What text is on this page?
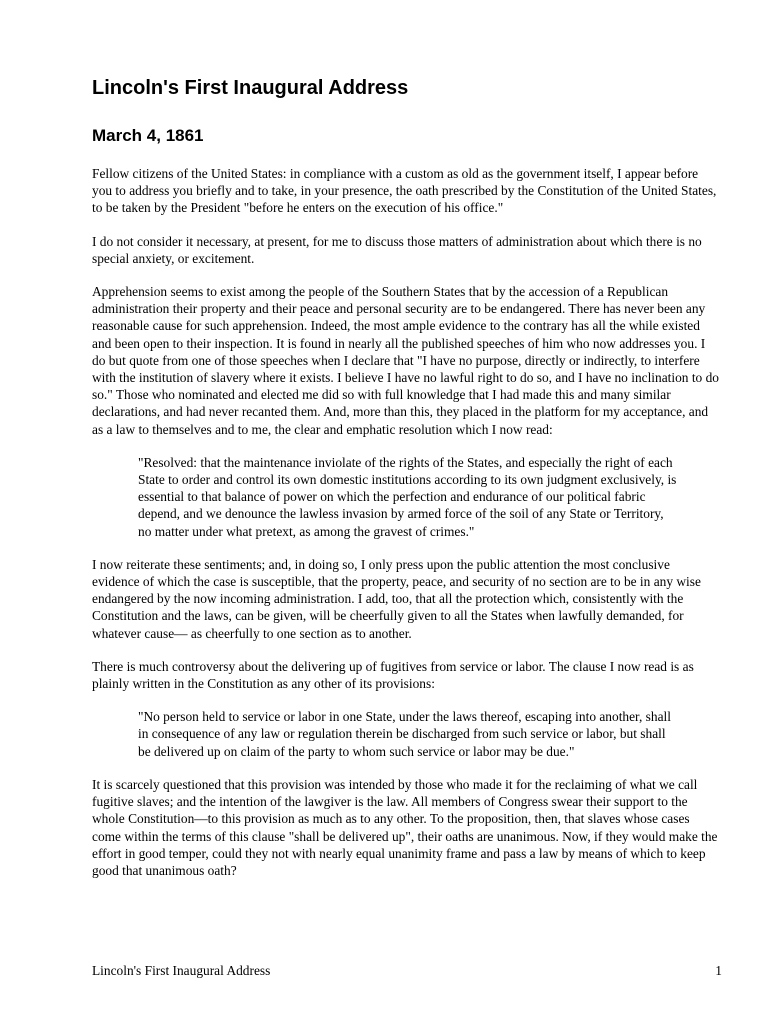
Lincoln's First Inaugural Address
March 4, 1861

Fellow citizens of the United States: in compliance with a custom as old as the government itself, I appear before you to address you briefly and to take, in your presence, the oath prescribed by the Constitution of the United States, to be taken by the President "before he enters on the execution of his office."

I do not consider it necessary, at present, for me to discuss those matters of administration about which there is no special anxiety, or excitement.

Apprehension seems to exist among the people of the Southern States that by the accession of a Republican administration their property and their peace and personal security are to be endangered. There has never been any reasonable cause for such apprehension. Indeed, the most ample evidence to the contrary has all the while existed and been open to their inspection. It is found in nearly all the published speeches of him who now addresses you. I do but quote from one of those speeches when I declare that "I have no purpose, directly or indirectly, to interfere with the institution of slavery where it exists. I believe I have no lawful right to do so, and I have no inclination to do so." Those who nominated and elected me did so with full knowledge that I had made this and many similar declarations, and had never recanted them. And, more than this, they placed in the platform for my acceptance, and as a law to themselves and to me, the clear and emphatic resolution which I now read:

"Resolved: that the maintenance inviolate of the rights of the States, and especially the right of each State to order and control its own domestic institutions according to its own judgment exclusively, is essential to that balance of power on which the perfection and endurance of our political fabric depend, and we denounce the lawless invasion by armed force of the soil of any State or Territory, no matter under what pretext, as among the gravest of crimes."

I now reiterate these sentiments; and, in doing so, I only press upon the public attention the most conclusive evidence of which the case is susceptible, that the property, peace, and security of no section are to be in any wise endangered by the now incoming administration. I add, too, that all the protection which, consistently with the Constitution and the laws, can be given, will be cheerfully given to all the States when lawfully demanded, for whatever cause— as cheerfully to one section as to another.

There is much controversy about the delivering up of fugitives from service or labor. The clause I now read is as plainly written in the Constitution as any other of its provisions:

"No person held to service or labor in one State, under the laws thereof, escaping into another, shall in consequence of any law or regulation therein be discharged from such service or labor, but shall be delivered up on claim of the party to whom such service or labor may be due."

It is scarcely questioned that this provision was intended by those who made it for the reclaiming of what we call fugitive slaves; and the intention of the lawgiver is the law. All members of Congress swear their support to the whole Constitution—to this provision as much as to any other. To the proposition, then, that slaves whose cases come within the terms of this clause "shall be delivered up", their oaths are unanimous. Now, if they would make the effort in good temper, could they not with nearly equal unanimity frame and pass a law by means of which to keep good that unanimous oath?

Lincoln's First Inaugural Address	1
